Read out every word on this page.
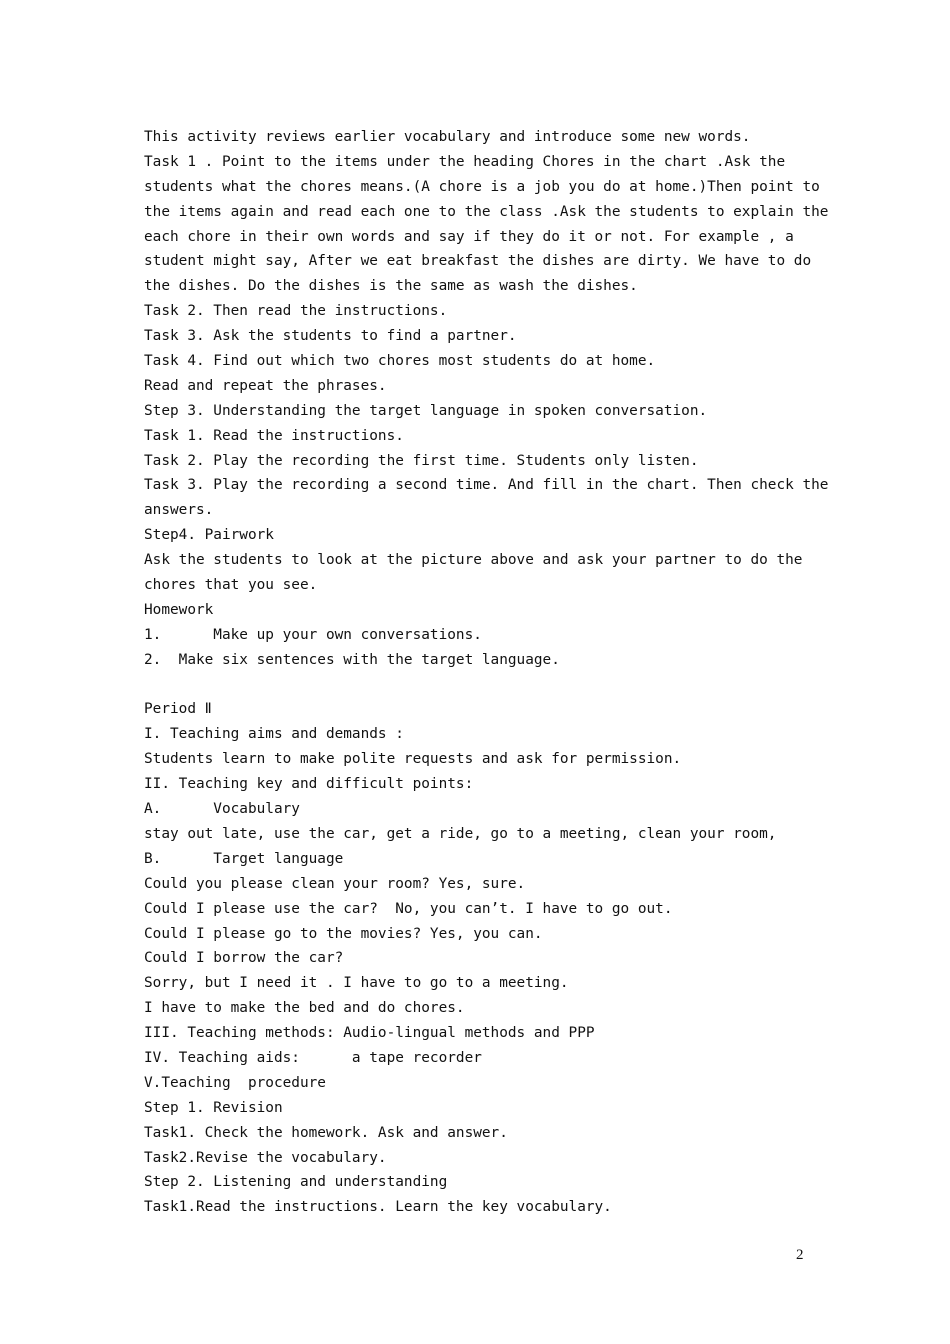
This activity reviews earlier vocabulary and introduce some new words.
Task 1 . Point to the items under the heading Chores in the chart .Ask the
students what the chores means.(A chore is a job you do at home.)Then point to
the items again and read each one to the class .Ask the students to explain the
each chore in their own words and say if they do it or not. For example , a
student might say, After we eat breakfast the dishes are dirty. We have to do
the dishes. Do the dishes is the same as wash the dishes.
Task 2. Then read the instructions.
Task 3. Ask the students to find a partner.
Task 4. Find out which two chores most students do at home.
Read and repeat the phrases.
Step 3. Understanding the target language in spoken conversation.
Task 1. Read the instructions.
Task 2. Play the recording the first time. Students only listen.
Task 3. Play the recording a second time. And fill in the chart. Then check the
answers.
Step4. Pairwork
Ask the students to look at the picture above and ask your partner to do the
chores that you see.
Homework
1.      Make up your own conversations.
2.  Make six sentences with the target language.
Period Ⅱ
I. Teaching aims and demands :
Students learn to make polite requests and ask for permission.
II. Teaching key and difficult points:
A.      Vocabulary
stay out late, use the car, get a ride, go to a meeting, clean your room,
B.      Target language
Could you please clean your room? Yes, sure.
Could I please use the car?  No, you can’t. I have to go out.
Could I please go to the movies? Yes, you can.
Could I borrow the car?
Sorry, but I need it . I have to go to a meeting.
I have to make the bed and do chores.
III. Teaching methods: Audio-lingual methods and PPP
IV. Teaching aids:      a tape recorder
V.Teaching  procedure
Step 1. Revision
Task1. Check the homework. Ask and answer.
Task2.Revise the vocabulary.
Step 2. Listening and understanding
Task1.Read the instructions. Learn the key vocabulary.
2
